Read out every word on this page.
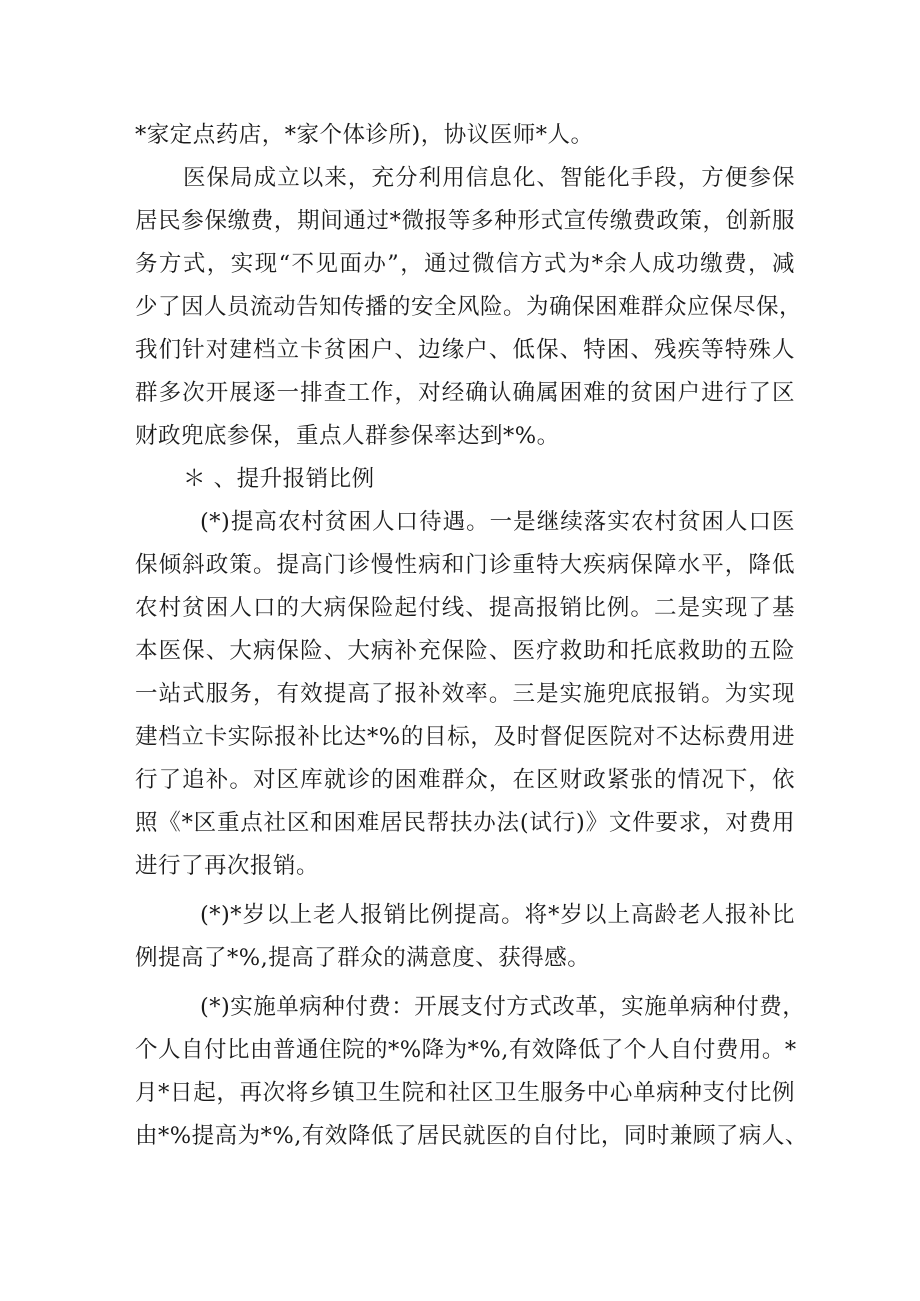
*家定点药店，*家个体诊所)，协议医师*人。
医保局成立以来，充分利用信息化、智能化手段，方便参保
居民参保缴费，期间通过*微报等多种形式宣传缴费政策，创新服
务方式，实现“不见面办”，通过微信方式为*余人成功缴费，减
少了因人员流动告知传播的安全风险。为确保困难群众应保尽保，
我们针对建档立卡贫困户、边缘户、低保、特困、残疾等特殊人
群多次开展逐一排查工作，对经确认确属困难的贫困户进行了区
财政兜底参保，重点人群参保率达到*%。
＊ 、提升报销比例
(*)提高农村贫困人口待遇。一是继续落实农村贫困人口医
保倾斜政策。提高门诊慢性病和门诊重特大疾病保障水平，降低
农村贫困人口的大病保险起付线、提高报销比例。二是实现了基
本医保、大病保险、大病补充保险、医疗救助和托底救助的五险
一站式服务，有效提高了报补效率。三是实施兜底报销。为实现
建档立卡实际报补比达*%的目标，及时督促医院对不达标费用进
行了追补。对区库就诊的困难群众，在区财政紧张的情况下，依
照《*区重点社区和困难居民帮扶办法(试行)》文件要求，对费用
进行了再次报销。
(*)*岁以上老人报销比例提高。将*岁以上高龄老人报补比
例提高了*%,提高了群众的满意度、获得感。
(*)实施单病种付费：开展支付方式改革，实施单病种付费，
个人自付比由普通住院的*%降为*%,有效降低了个人自付费用。*
月*日起，再次将乡镇卫生院和社区卫生服务中心单病种支付比例
由*%提高为*%,有效降低了居民就医的自付比，同时兼顾了病人、
